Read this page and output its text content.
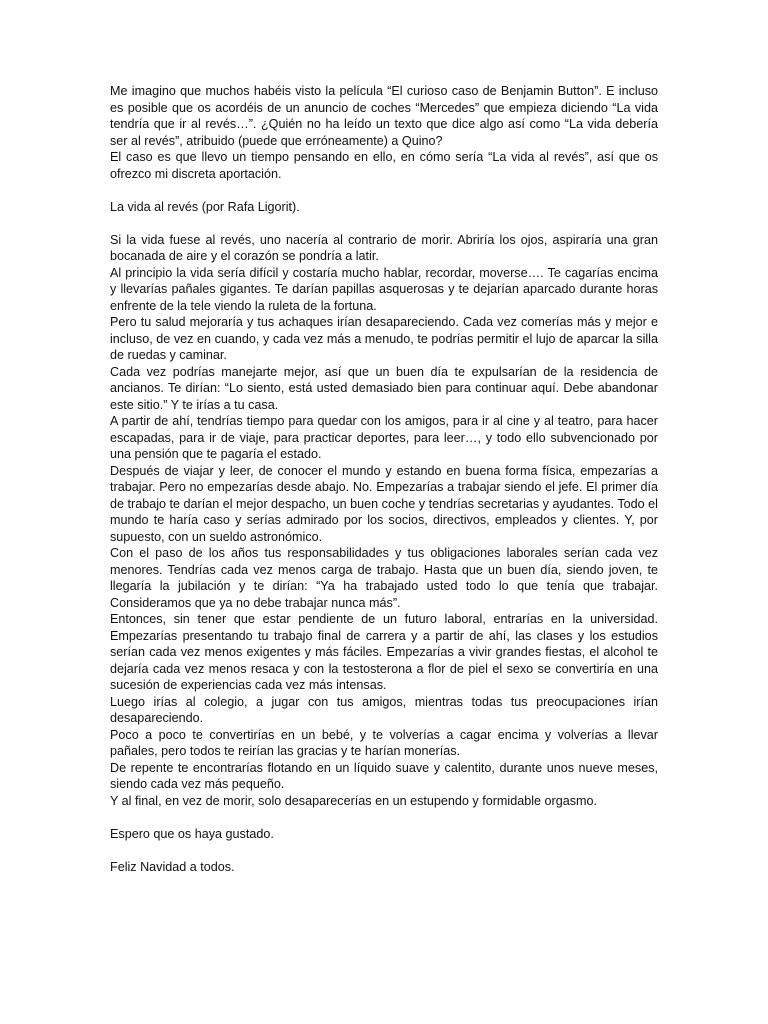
Me imagino que muchos habéis visto la película “El curioso caso de Benjamin Button”. E incluso es posible que os acordéis de un anuncio de coches “Mercedes” que empieza diciendo “La vida tendría que ir al revés…”. ¿Quién no ha leído un texto que dice algo así como “La vida debería ser al revés”, atribuido (puede que erróneamente) a Quino?

El caso es que llevo un tiempo pensando en ello, en cómo sería “La vida al revés”, así que os ofrezco mi discreta aportación.

La vida al revés (por Rafa Ligorit).

Si la vida fuese al revés, uno nacería al contrario de morir. Abriría los ojos, aspiraría una gran bocanada de aire y el corazón se pondría a latir.

Al principio la vida sería difícil y costaría mucho hablar, recordar, moverse…. Te cagarías encima y llevarías pañales gigantes. Te darían papillas asquerosas y te dejarían aparcado durante horas enfrente de la tele viendo la ruleta de la fortuna.

Pero tu salud mejoraría y tus achaques irían desapareciendo. Cada vez comerías más y mejor e incluso, de vez en cuando, y cada vez más a menudo, te podrías permitir el lujo de aparcar la silla de ruedas y caminar.

Cada vez podrías manejarte mejor, así que un buen día te expulsarían de la residencia de ancianos. Te dirían: “Lo siento, está usted demasiado bien para continuar aquí. Debe abandonar este sitio.” Y te irías a tu casa.

A partir de ahí, tendrías tiempo para quedar con los amigos, para ir al cine y al teatro, para hacer escapadas, para ir de viaje, para practicar deportes, para leer…, y todo ello subvencionado por una pensión que te pagaría el estado.

Después de viajar y leer, de conocer el mundo y estando en buena forma física, empezarías a trabajar. Pero no empezarías desde abajo. No. Empezarías a trabajar siendo el jefe. El primer día de trabajo te darían el mejor despacho, un buen coche y tendrías secretarias y ayudantes. Todo el mundo te haría caso y serías admirado por los socios, directivos, empleados y clientes. Y, por supuesto, con un sueldo astronómico.

Con el paso de los años tus responsabilidades y tus obligaciones laborales serían cada vez menores. Tendrías cada vez menos carga de trabajo. Hasta que un buen día, siendo joven, te llegaría la jubilación y te dirían: “Ya ha trabajado usted todo lo que tenía que trabajar. Consideramos que ya no debe trabajar nunca más”.

Entonces, sin tener que estar pendiente de un futuro laboral, entrarías en la universidad. Empezarías presentando tu trabajo final de carrera y a partir de ahí, las clases y los estudios serían cada vez menos exigentes y más fáciles. Empezarías a vivir grandes fiestas, el alcohol te dejaría cada vez menos resaca y con la testosterona a flor de piel el sexo se convertiría en una sucesión de experiencias cada vez más intensas.

Luego irías al colegio, a jugar con tus amigos, mientras todas tus preocupaciones irían desapareciendo.

Poco a poco te convertirías en un bebé, y te volverías a cagar encima y volverías a llevar pañales, pero todos te reirían las gracias y te harían monerías.

De repente te encontrarías flotando en un líquido suave y calentito, durante unos nueve meses, siendo cada vez más pequeño.

Y al final, en vez de morir, solo desaparecerías en un estupendo y formidable orgasmo.

Espero que os haya gustado.

Feliz Navidad a todos.
